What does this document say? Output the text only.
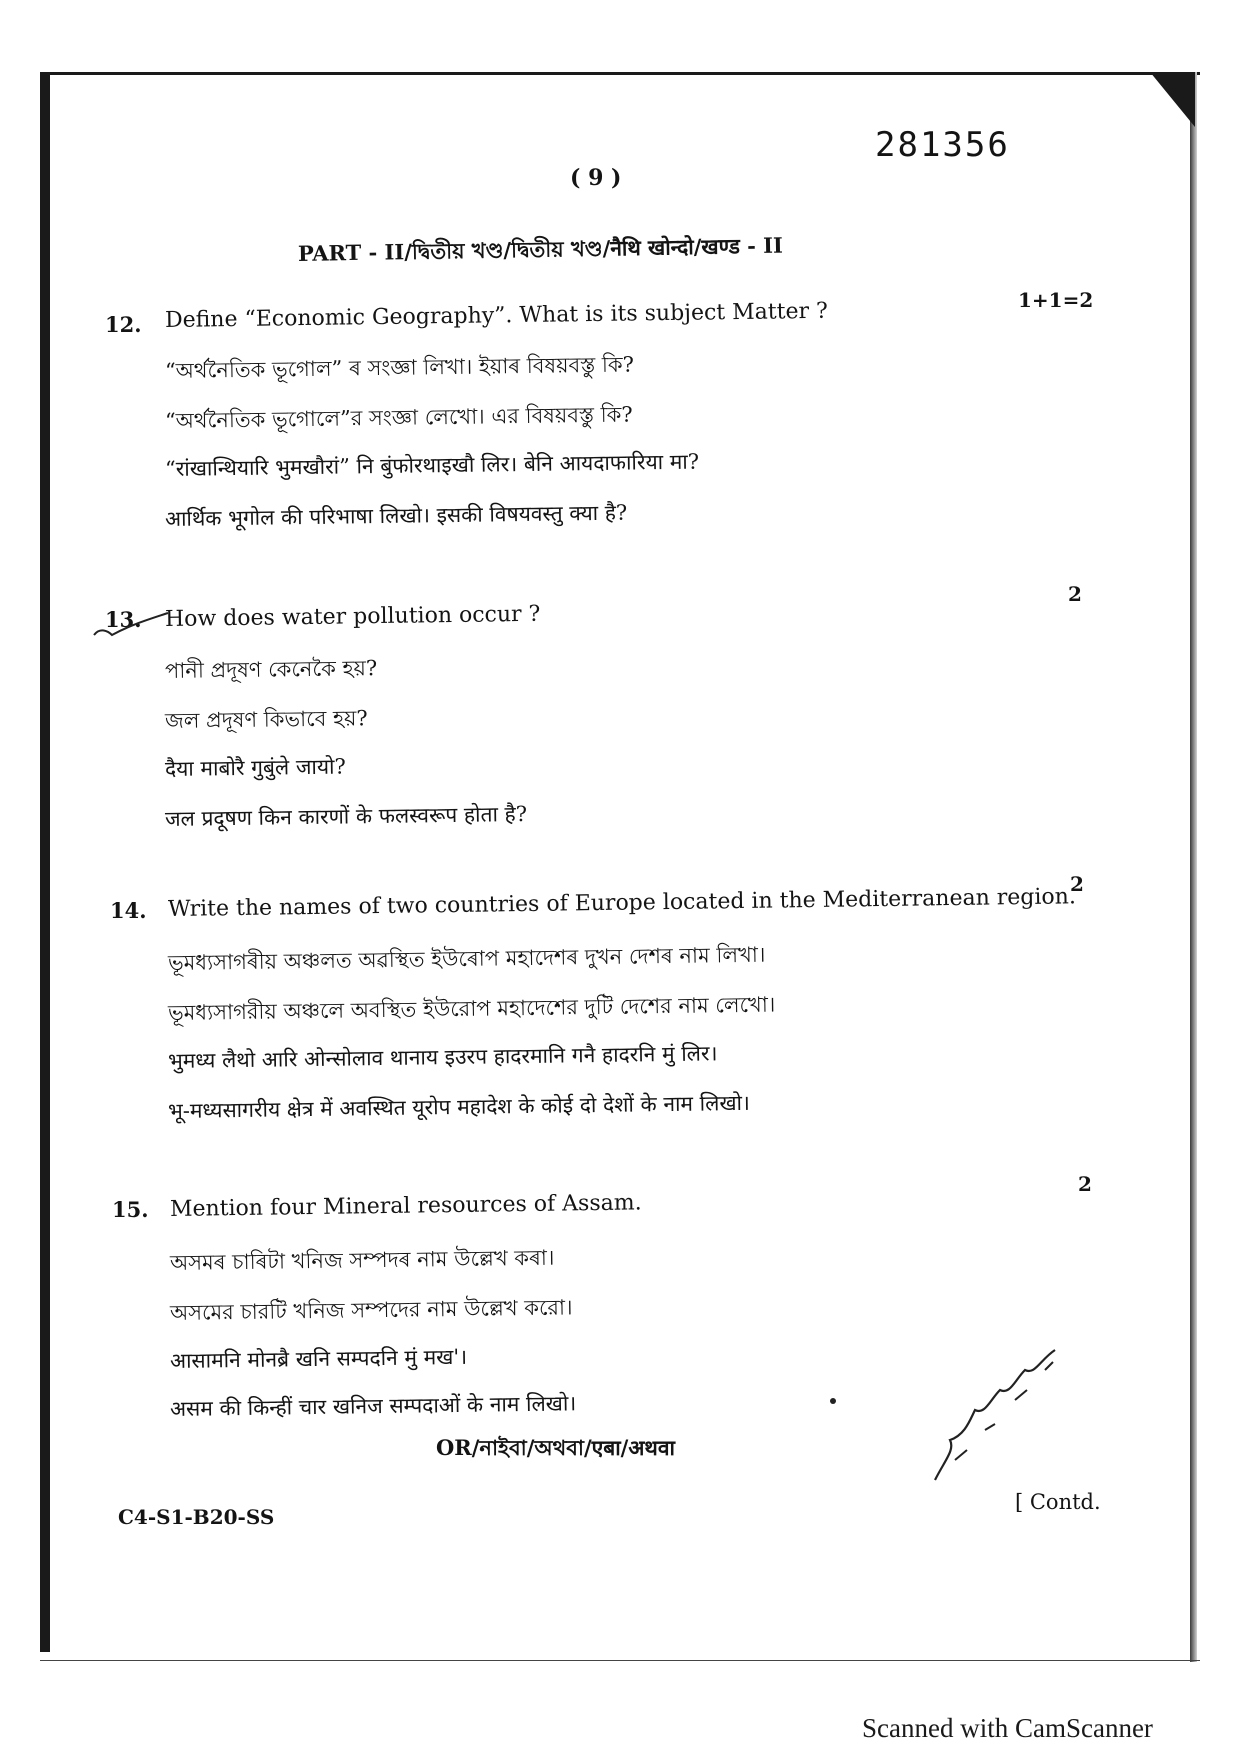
281356
( 9 )
PART - II/দ্বিতীয় খণ্ড/দ্বিতীয় খণ্ড/नैथि खोन्दो/खण्ड - II
12.
1+1=2
Define “Economic Geography”. What is its subject Matter ?
“অৰ্থনৈতিক ভূগোল” ৰ সংজ্ঞা লিখা। ইয়াৰ বিষয়বস্তু কি?
“অর্থনৈতিক ভূগোলে”র সংজ্ঞা লেখো। এর বিষয়বস্তু কি?
“रांखान्थियारि भुमखौरां” नि बुंफोरथाइखौ लिर। बेनि आयदाफारिया मा?
आर्थिक भूगोल की परिभाषा लिखो। इसकी विषयवस्तु क्या है?
13.
2
How does water pollution occur ?
পানী প্ৰদূষণ কেনেকৈ হয়?
জল প্রদূষণ কিভাবে হয়?
दैया माबाेरै गुबुंले जायो?
जल प्रदूषण किन कारणों के फलस्वरूप होता है?
14.
2
Write the names of two countries of Europe located in the Mediterranean region.
ভূমধ্যসাগৰীয় অঞ্চলত অৱস্থিত ইউৰোপ মহাদেশৰ দুখন দেশৰ নাম লিখা।
ভূমধ্যসাগরীয় অঞ্চলে অবস্থিত ইউরোপ মহাদেশের দুটি দেশের নাম লেখো।
भुमध्य लैथो आरि ओन्सोलाव थानाय इउरप हादरमानि गनै हादरनि मुं लिर।
भू-मध्यसागरीय क्षेत्र में अवस्थित यूरोप महादेश के कोई दो देशों के नाम लिखो।
15.
2
Mention four Mineral resources of Assam.
অসমৰ চাৰিটা খনিজ সম্পদৰ নাম উল্লেখ কৰা।
অসমের চারটি খনিজ সম্পদের নাম উল্লেখ করো।
आसामनि मोनब्रै खनि सम्पदनि मुं मख'।
असम की किन्हीं चार खनिज सम्पदाओं के नाम लिखो।
OR/নাইবা/অথবা/एबा/अथवा
C4-S1-B20-SS
[ Contd.
Scanned with CamScanner
